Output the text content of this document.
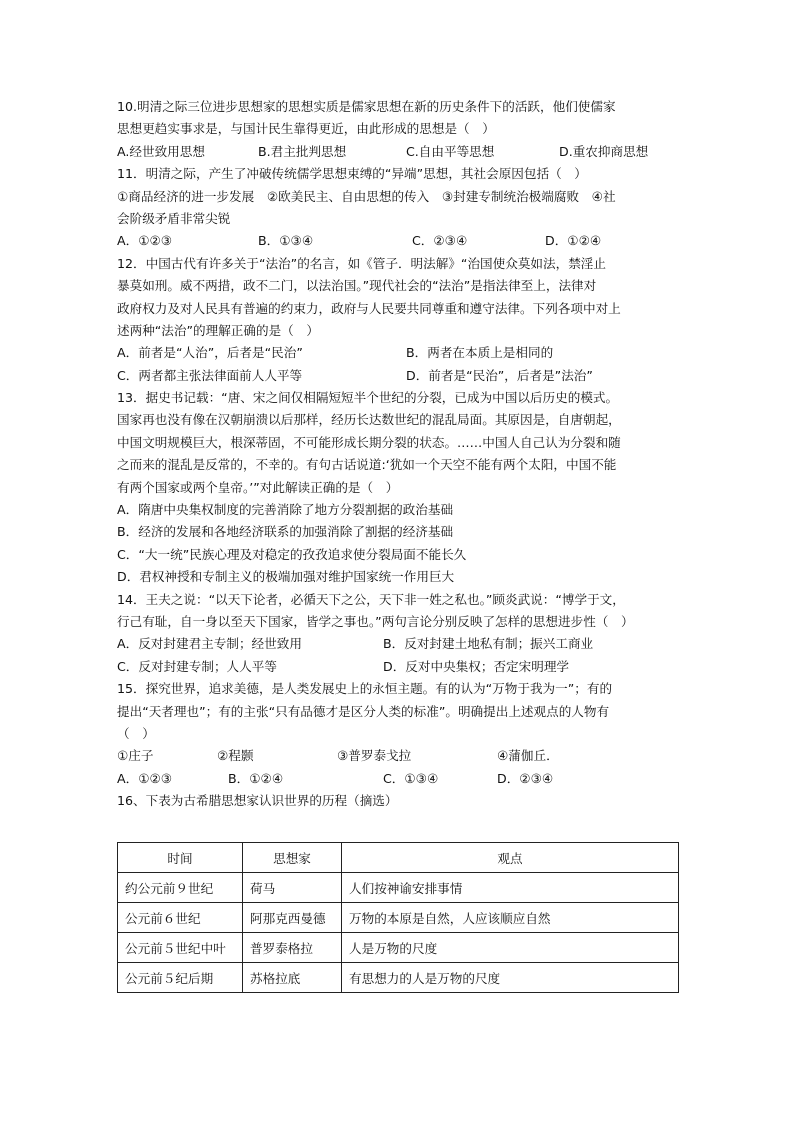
10.明清之际三位进步思想家的思想实质是儒家思想在新的历史条件下的活跃，他们使儒家
思想更趋实事求是，与国计民生靠得更近，由此形成的思想是（　）
A.经世致用思想	B.君主批判思想	C.自由平等思想	D.重农抑商思想
11．明清之际，产生了冲破传统儒学思想束缚的“异端”思想，其社会原因包括（　）
①商品经济的进一步发展　②欧美民主、自由思想的传入　③封建专制统治极端腐败　④社
会阶级矛盾非常尖锐
A．①②③	B．①③④	C．②③④	D．①②④
12．中国古代有许多关于“法治”的名言，如《管子．明法解》“治国使众莫如法，禁淫止
暴莫如刑。威不两措，政不二门，以法治国。”现代社会的“法治”是指法律至上，法律对
政府权力及对人民具有普遍的约束力，政府与人民要共同尊重和遵守法律。下列各项中对上
述两种“法治”的理解正确的是（　）
A．前者是“人治”，后者是“民治”	B．两者在本质上是相同的
C．两者都主张法律面前人人平等	D．前者是“民治”，后者是”法治”
13．据史书记载：“唐、宋之间仅相隔短短半个世纪的分裂，已成为中国以后历史的模式。
国家再也没有像在汉朝崩溃以后那样，经历长达数世纪的混乱局面。其原因是，自唐朝起，
中国文明规模巨大，根深蒂固，不可能形成长期分裂的状态。……中国人自己认为分裂和随
之而来的混乱是反常的，不幸的。有句古话说道:‘犹如一个天空不能有两个太阳，中国不能
有两个国家或两个皇帝。’”对此解读正确的是（　）
A．隋唐中央集权制度的完善消除了地方分裂割据的政治基础
B．经济的发展和各地经济联系的加强消除了割据的经济基础
C．“大一统”民族心理及对稳定的孜孜追求使分裂局面不能长久
D．君权神授和专制主义的极端加强对维护国家统一作用巨大
14．王夫之说：“以天下论者，必循天下之公，天下非一姓之私也。”顾炎武说：“博学于文，
行己有耻，自一身以至天下国家，皆学之事也。”两句言论分别反映了怎样的思想进步性（　）
A．反对封建君主专制；经世致用	B．反对封建土地私有制；振兴工商业
C．反对封建专制；人人平等	D．反对中央集权；否定宋明理学
15．探究世界，追求美德，是人类发展史上的永恒主题。有的认为“万物于我为一”；有的
提出“天者理也”；有的主张“只有品德才是区分人类的标准”。明确提出上述观点的人物有
（　）
①庄子	②程颢	③普罗泰戈拉	④蒲伽丘．
A．①②③	B．①②④	C．①③④	D．②③④
16、下表为古希腊思想家认识世界的历程（摘选）
时间	思想家	观点
约公元前９世纪	荷马	人们按神谕安排事情
公元前６世纪	阿那克西曼德	万物的本原是自然，人应该顺应自然
公元前５世纪中叶	普罗泰格拉	人是万物的尺度
公元前５纪后期	苏格拉底	有思想力的人是万物的尺度
